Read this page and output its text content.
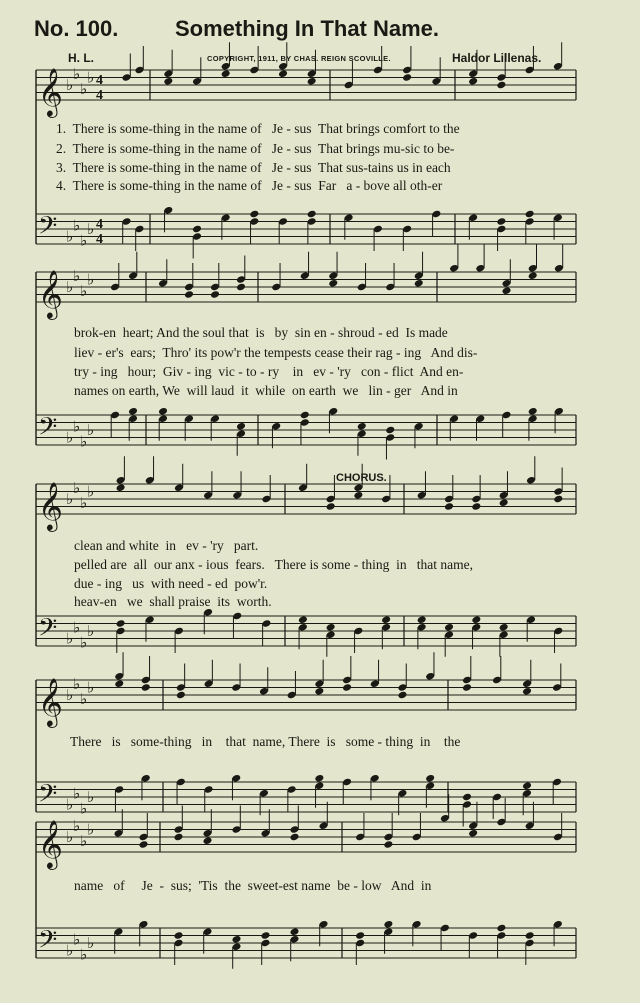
No. 100.	Something In That Name.
H. L.	COPYRIGHT, 1911, BY CHAS. REIGN SCOVILLE.	Haldor Lillenas.
CHORUS.
𝄞 ♭
♭
♭
♭ 4
4
𝄢 ♭
♭
♭
♭ 4
4
𝄞 ♭
♭
♭
♭
𝄢 ♭
♭
♭
♭
𝄞 ♭
♭
♭
♭
𝄢 ♭
♭
♭
♭
𝄞 ♭
♭
♭
♭
𝄢 ♭
♭
♭
♭
𝄞 ♭
♭
♭
♭
𝄢 ♭
♭
♭
♭
1.  There is some-thing in the name of   Je - sus  That brings comfort to the
2.  There is some-thing in the name of   Je - sus  That brings mu-sic to be-
3.  There is some-thing in the name of   Je - sus  That sus-tains us in each
4.  There is some-thing in the name of   Je - sus  Far   a - bove all oth-er
brok-en  heart; And the soul that  is   by  sin en - shroud - ed  Is made
liev - er's  ears;  Thro' its pow'r the tempests cease their rag - ing   And dis-
try - ing   hour;  Giv - ing  vic - to - ry    in   ev - 'ry   con - flict  And en-
names on earth, We  will laud  it  while  on earth  we   lin - ger   And in
clean and white  in   ev - 'ry   part.
pelled are  all  our anx - ious  fears.   There is some - thing  in   that name,
due - ing   us  with need - ed  pow'r.
heav-en   we  shall praise  its  worth.
There   is   some-thing   in    that  name, There  is   some - thing  in    the
name   of     Je  -  sus;  'Tis  the  sweet-est name  be - low   And  in
